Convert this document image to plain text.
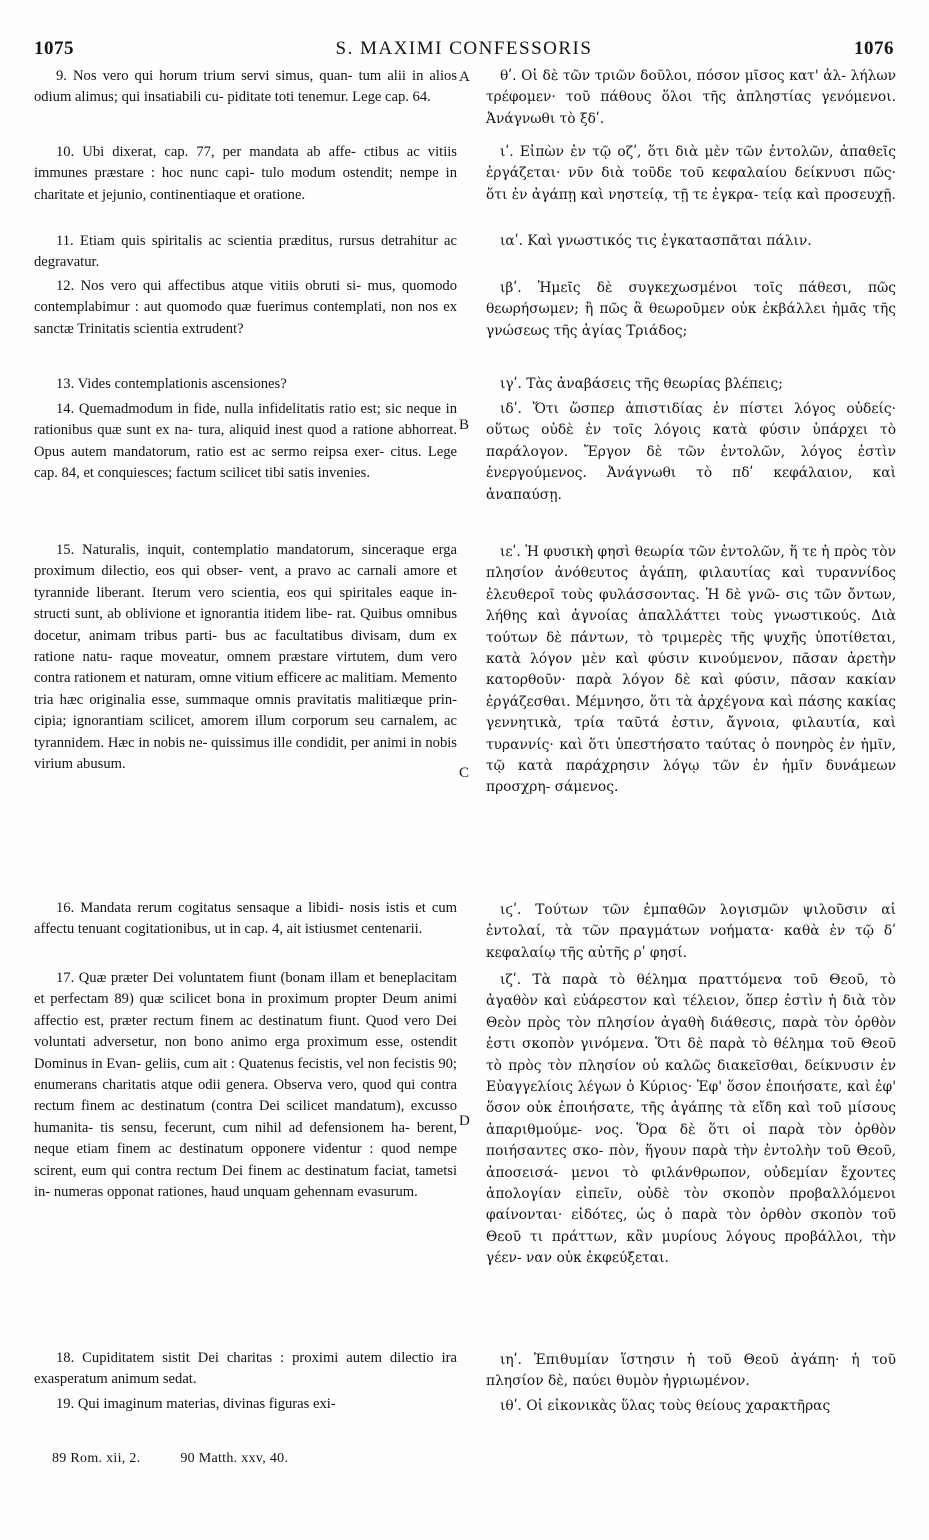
1075	S. MAXIMI CONFESSORIS	1076

9. Nos vero qui horum trium servi simus, quan- tum alii in alios odium alimus; qui insatiabili cu- piditate toti tenemur. Lege cap. 64.

10. Ubi dixerat, cap. 77, per mandata ab affe- ctibus ac vitiis immunes præstare : hoc nunc capi- tulo modum ostendit; nempe in charitate et jejunio, continentiaque et oratione.

11. Etiam quis spiritalis ac scientia præditus, rursus detrahitur ac degravatur.

12. Nos vero qui affectibus atque vitiis obruti si- mus, quomodo contemplabimur : aut quomodo quæ fuerimus contemplati, non nos ex sanctæ Trinitatis scientia extrudent?

13. Vides contemplationis ascensiones?

14. Quemadmodum in fide, nulla infidelitatis ratio est; sic neque in rationibus quæ sunt ex na- tura, aliquid inest quod a ratione abhorreat. Opus autem mandatorum, ratio est ac sermo reipsa exer- citus. Lege cap. 84, et conquiesces; factum scilicet tibi satis invenies.

15. Naturalis, inquit, contemplatio mandatorum, sinceraque erga proximum dilectio, eos qui obser- vent, a pravo ac carnali amore et tyrannide liberant. Iterum vero scientia, eos qui spiritales eaque in- structi sunt, ab oblivione et ignorantia itidem libe- rat. Quibus omnibus docetur, animam tribus parti- bus ac facultatibus divisam, dum ex ratione natu- raque moveatur, omnem præstare virtutem, dum vero contra rationem et naturam, omne vitium efficere ac malitiam. Memento tria hæc originalia esse, summaque omnis pravitatis malitiæque prin- cipia; ignorantiam scilicet, amorem illum corporum seu carnalem, ac tyrannidem. Hæc in nobis ne- quissimus ille condidit, per animi in nobis virium abusum.

16. Mandata rerum cogitatus sensaque a libidi- nosis istis et cum affectu tenuant cogitationibus, ut in cap. 4, ait istiusmet centenarii.

17. Quæ præter Dei voluntatem fiunt (bonam illam et beneplacitam et perfectam 89) quæ scilicet bona in proximum propter Deum animi affectio est, præter rectum finem ac destinatum fiunt. Quod vero Dei voluntati adversetur, non bono animo erga proximum esse, ostendit Dominus in Evan- geliis, cum ait : Quatenus fecistis, vel non fecistis 90; enumerans charitatis atque odii genera. Observa vero, quod qui contra rectum finem ac destinatum (contra Dei scilicet mandatum), excusso humanita- tis sensu, fecerunt, cum nihil ad defensionem ha- berent, neque etiam finem ac destinatum opponere videntur : quod nempe scirent, eum qui contra rectum Dei finem ac destinatum faciat, tametsi in- numeras opponat rationes, haud unquam gehennam evasurum.

18. Cupiditatem sistit Dei charitas : proximi autem dilectio ira exasperatum animum sedat.

19. Qui imaginum materias, divinas figuras exi-

A
B
C
D

θʹ. Οἱ δὲ τῶν τριῶν δοῦλοι, πόσον μῖσος κατ' ἀλ- λήλων τρέφομεν· τοῦ πάθους ὅλοι τῆς ἀπληστίας γενόμενοι. Ἀνάγνωθι τὸ ξδʹ.

ιʹ. Εἰπὼν ἐν τῷ οζʹ, ὅτι διὰ μὲν τῶν ἐντολῶν, ἀπαθεῖς ἐργάζεται· νῦν διὰ τοῦδε τοῦ κεφαλαίου δείκνυσι πῶς· ὅτι ἐν ἀγάπῃ καὶ νηστείᾳ, τῇ τε ἐγκρα- τείᾳ καὶ προσευχῇ.

ιαʹ. Καὶ γνωστικός τις ἐγκατασπᾶται πάλιν.

ιβʹ. Ἡμεῖς δὲ συγκεχωσμένοι τοῖς πάθεσι, πῶς θεωρήσωμεν; ἢ πῶς ἃ θεωροῦμεν οὐκ ἐκβάλλει ἡμᾶς τῆς γνώσεως τῆς ἁγίας Τριάδος;

ιγʹ. Τὰς ἀναβάσεις τῆς θεωρίας βλέπεις;

ιδʹ. Ὅτι ὥσπερ ἀπιστιδίας ἐν πίστει λόγος οὐδείς· οὕτως οὐδὲ ἐν τοῖς λόγοις κατὰ φύσιν ὑπάρχει τὸ παράλογον. Ἔργον δὲ τῶν ἐντολῶν, λόγος ἐστὶν ἐνεργούμενος. Ἀνάγνωθι τὸ πδʹ κεφάλαιον, καὶ ἀναπαύσῃ.

ιεʹ. Ἡ φυσικὴ φησὶ θεωρία τῶν ἐντολῶν, ἥ τε ἡ πρὸς τὸν πλησίον ἀνόθευτος ἀγάπη, φιλαυτίας καὶ τυραννίδος ἐλευθεροῖ τοὺς φυλάσσοντας. Ἡ δὲ γνῶ- σις τῶν ὄντων, λήθης καὶ ἀγνοίας ἀπαλλάττει τοὺς γνωστικούς. Διὰ τούτων δὲ πάντων, τὸ τριμερὲς τῆς ψυχῆς ὑποτίθεται, κατὰ λόγον μὲν καὶ φύσιν κινούμενον, πᾶσαν ἀρετὴν κατορθοῦν· παρὰ λόγον δὲ καὶ φύσιν, πᾶσαν κακίαν ἐργάζεσθαι. Μέμνησο, ὅτι τὰ ἀρχέγονα καὶ πάσης κακίας γεννητικὰ, τρία ταῦτά ἐστιν, ἄγνοια, φιλαυτία, καὶ τυραννίς· καὶ ὅτι ὑπεστήσατο ταύτας ὁ πονηρὸς ἐν ἡμῖν, τῷ κατὰ παράχρησιν λόγῳ τῶν ἐν ἡμῖν δυνάμεων προσχρη- σάμενος.

ιϛʹ. Τούτων τῶν ἐμπαθῶν λογισμῶν ψιλοῦσιν αἱ ἐντολαί, τὰ τῶν πραγμάτων νοήματα· καθὰ ἐν τῷ δʹ κεφαλαίῳ τῆς αὐτῆς ρʹ φησί.

ιζʹ. Τὰ παρὰ τὸ θέλημα πραττόμενα τοῦ Θεοῦ, τὸ ἀγαθὸν καὶ εὐάρεστον καὶ τέλειον, ὅπερ ἐστὶν ἡ διὰ τὸν Θεὸν πρὸς τὸν πλησίον ἀγαθὴ διάθεσις, παρὰ τὸν ὀρθὸν ἐστι σκοπὸν γινόμενα. Ὅτι δὲ παρὰ τὸ θέλημα τοῦ Θεοῦ τὸ πρὸς τὸν πλησίον οὐ καλῶς διακεῖσθαι, δείκνυσιν ἐν Εὐαγγελίοις λέγων ὁ Κύριος· Ἐφ' ὅσον ἐποιήσατε, καὶ ἐφ' ὅσον οὐκ ἐποιήσατε, τῆς ἀγάπης τὰ εἴδη καὶ τοῦ μίσους ἀπαριθμούμε- νος. Ὅρα δὲ ὅτι οἱ παρὰ τὸν ὀρθὸν ποιήσαντες σκο- πὸν, ἥγουν παρὰ τὴν ἐντολὴν τοῦ Θεοῦ, ἀποσεισά- μενοι τὸ φιλάνθρωπον, οὐδεμίαν ἔχοντες ἀπολογίαν εἰπεῖν, οὐδὲ τὸν σκοπὸν προβαλλόμενοι φαίνονται· εἰδότες, ὡς ὁ παρὰ τὸν ὀρθὸν σκοπὸν τοῦ Θεοῦ τι πράττων, κἂν μυρίους λόγους προβάλλοι, τὴν γέεν- ναν οὐκ ἐκφεύξεται.

ιηʹ. Ἐπιθυμίαν ἵστησιν ἡ τοῦ Θεοῦ ἀγάπη· ἡ τοῦ πλησίον δὲ, παύει θυμὸν ἠγριωμένον.

ιθʹ. Οἱ εἰκονικὰς ὕλας τοὺς θείους χαρακτῆρας

89 Rom. xii, 2.	90 Matth. xxv, 40.
